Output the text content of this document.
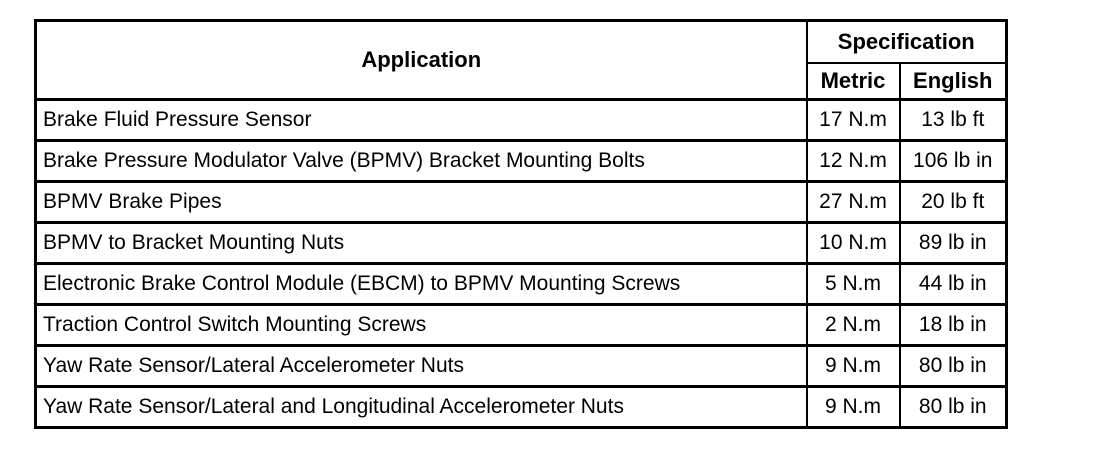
Application	Specification	
	Metric	English
Brake Fluid Pressure Sensor	17 N.m	13 lb ft
Brake Pressure Modulator Valve (BPMV) Bracket Mounting Bolts	12 N.m	106 lb in
BPMV Brake Pipes	27 N.m	20 lb ft
BPMV to Bracket Mounting Nuts	10 N.m	89 lb in
Electronic Brake Control Module (EBCM) to BPMV Mounting Screws	5 N.m	44 lb in
Traction Control Switch Mounting Screws	2 N.m	18 lb in
Yaw Rate Sensor/Lateral Accelerometer Nuts	9 N.m	80 lb in
Yaw Rate Sensor/Lateral and Longitudinal Accelerometer Nuts	9 N.m	80 lb in
